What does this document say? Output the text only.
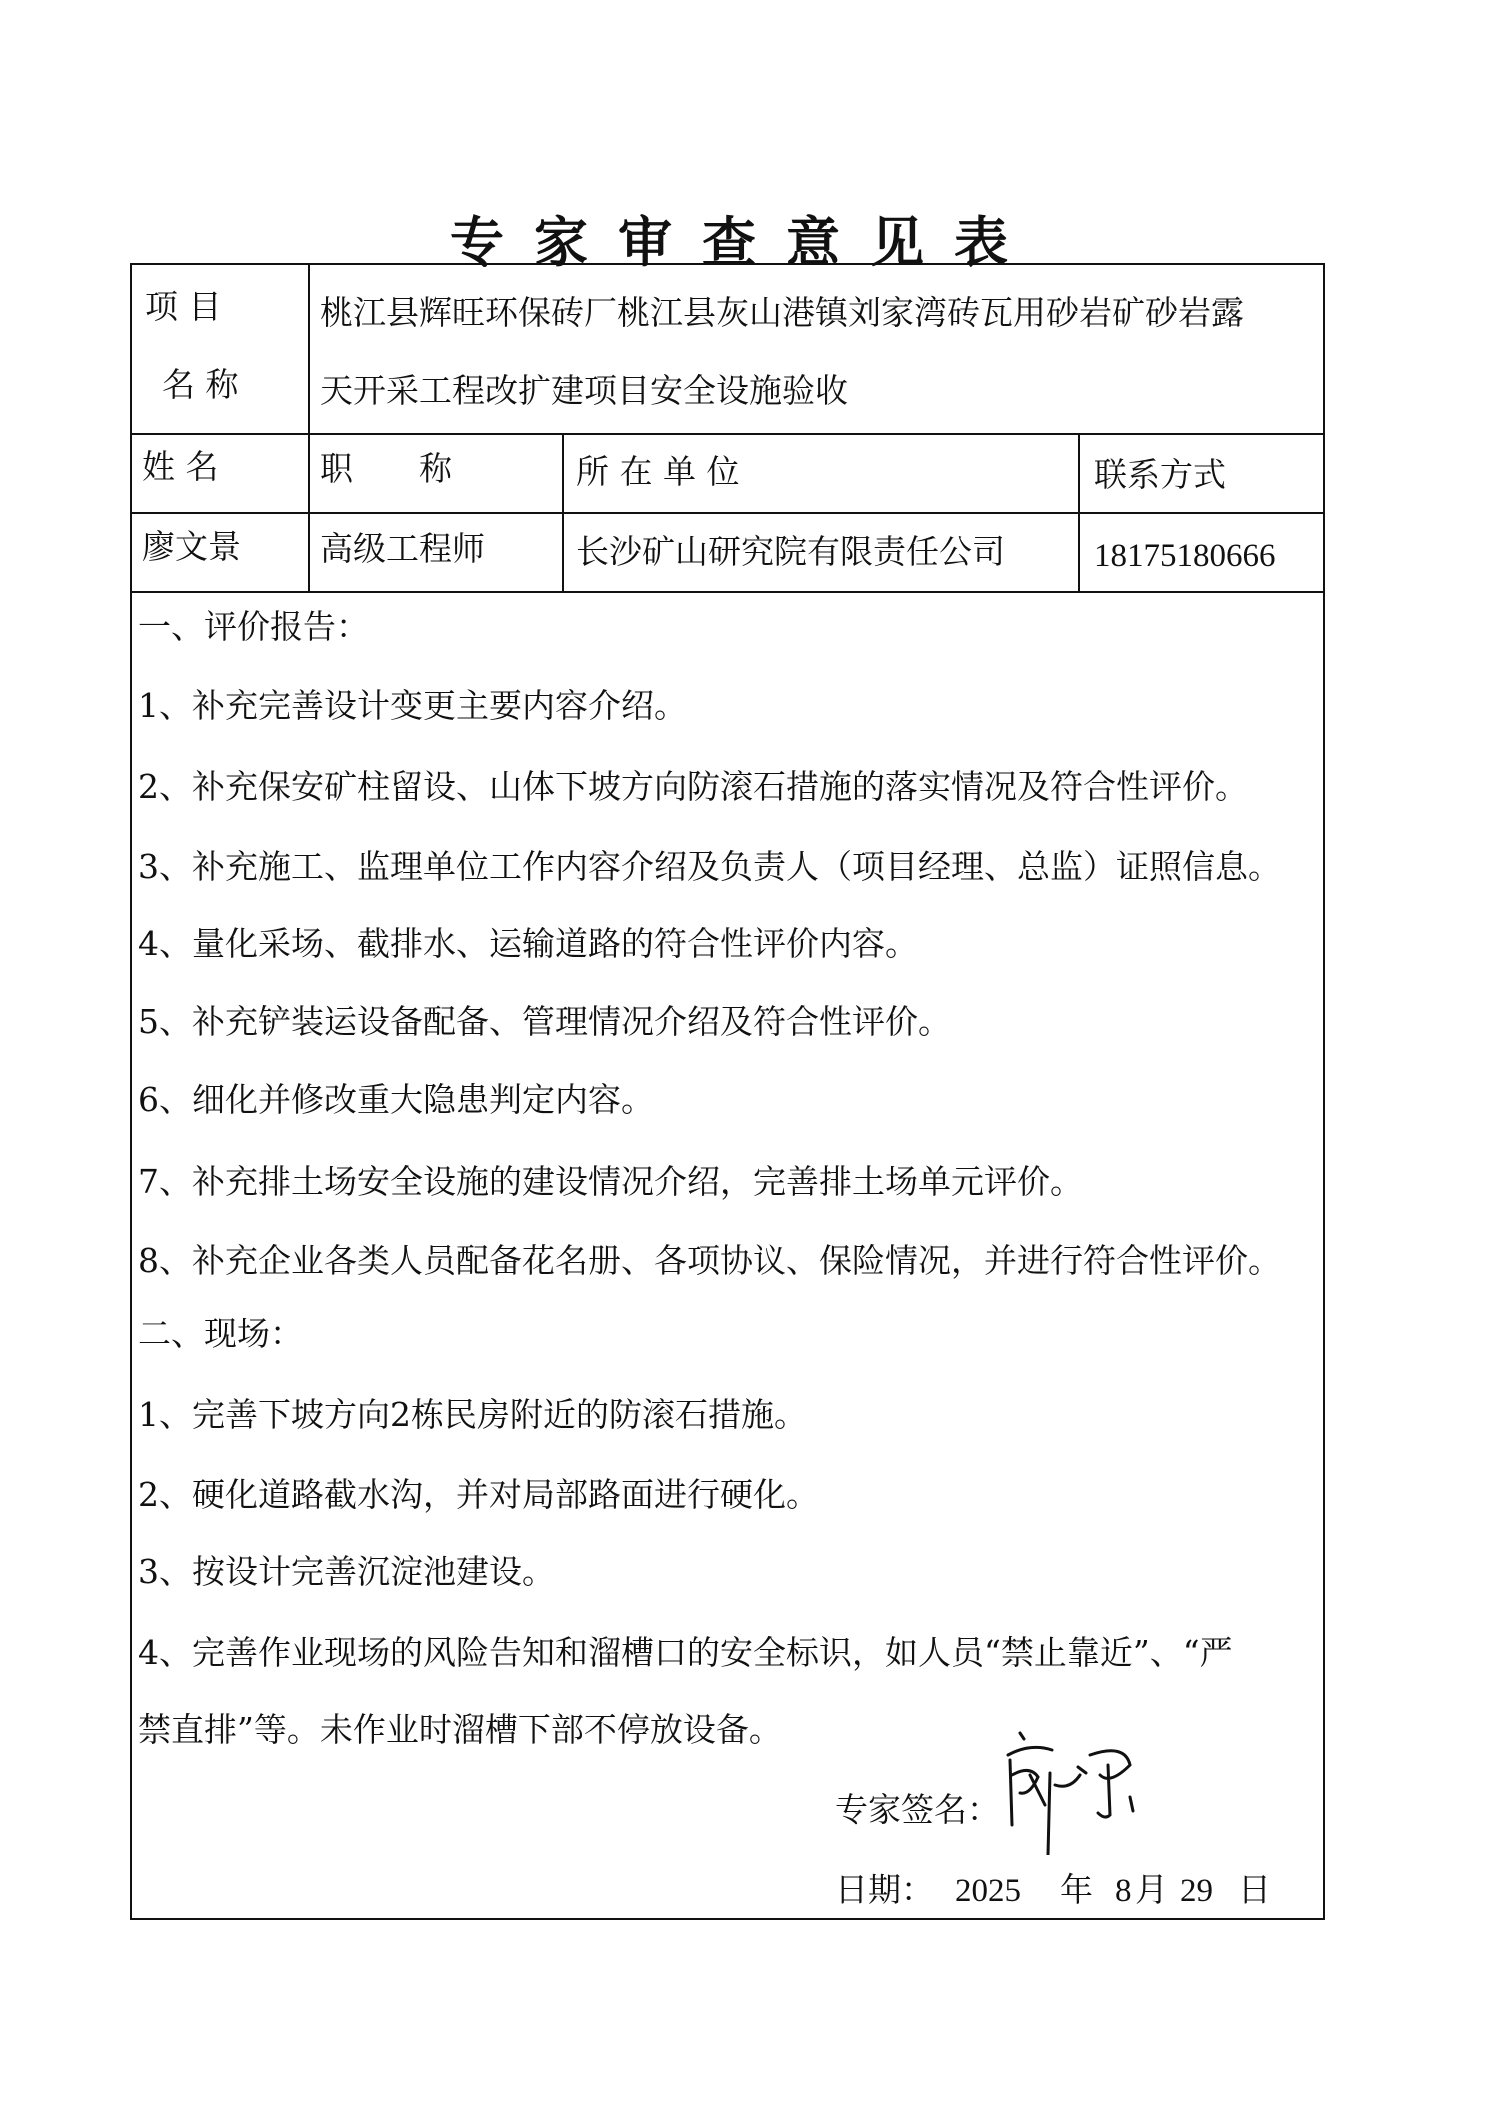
专家审查意见表
项 目
名 称
桃江县辉旺环保砖厂桃江县灰山港镇刘家湾砖瓦用砂岩矿砂岩露
天开采工程改扩建项目安全设施验收
姓 名	职　　称	所 在 单 位	联系方式
廖文景 高级工程师	长沙矿山研究院有限责任公司	18175180666
一、评价报告：
1、补充完善设计变更主要内容介绍。
2、补充保安矿柱留设、山体下坡方向防滚石措施的落实情况及符合性评价。
3、补充施工、监理单位工作内容介绍及负责人（项目经理、总监）证照信息。
4、量化采场、截排水、运输道路的符合性评价内容。
5、补充铲装运设备配备、管理情况介绍及符合性评价。
6、细化并修改重大隐患判定内容。
7、补充排土场安全设施的建设情况介绍，完善排土场单元评价。
8、补充企业各类人员配备花名册、各项协议、保险情况，并进行符合性评价。
二、现场：
1、完善下坡方向2栋民房附近的防滚石措施。
2、硬化道路截水沟，并对局部路面进行硬化。
3、按设计完善沉淀池建设。
4、完善作业现场的风险告知和溜槽口的安全标识，如人员“禁止靠近”、“严
禁直排”等。未作业时溜槽下部不停放设备。
专家签名：
日期： 2025 年 8 月 29 日
